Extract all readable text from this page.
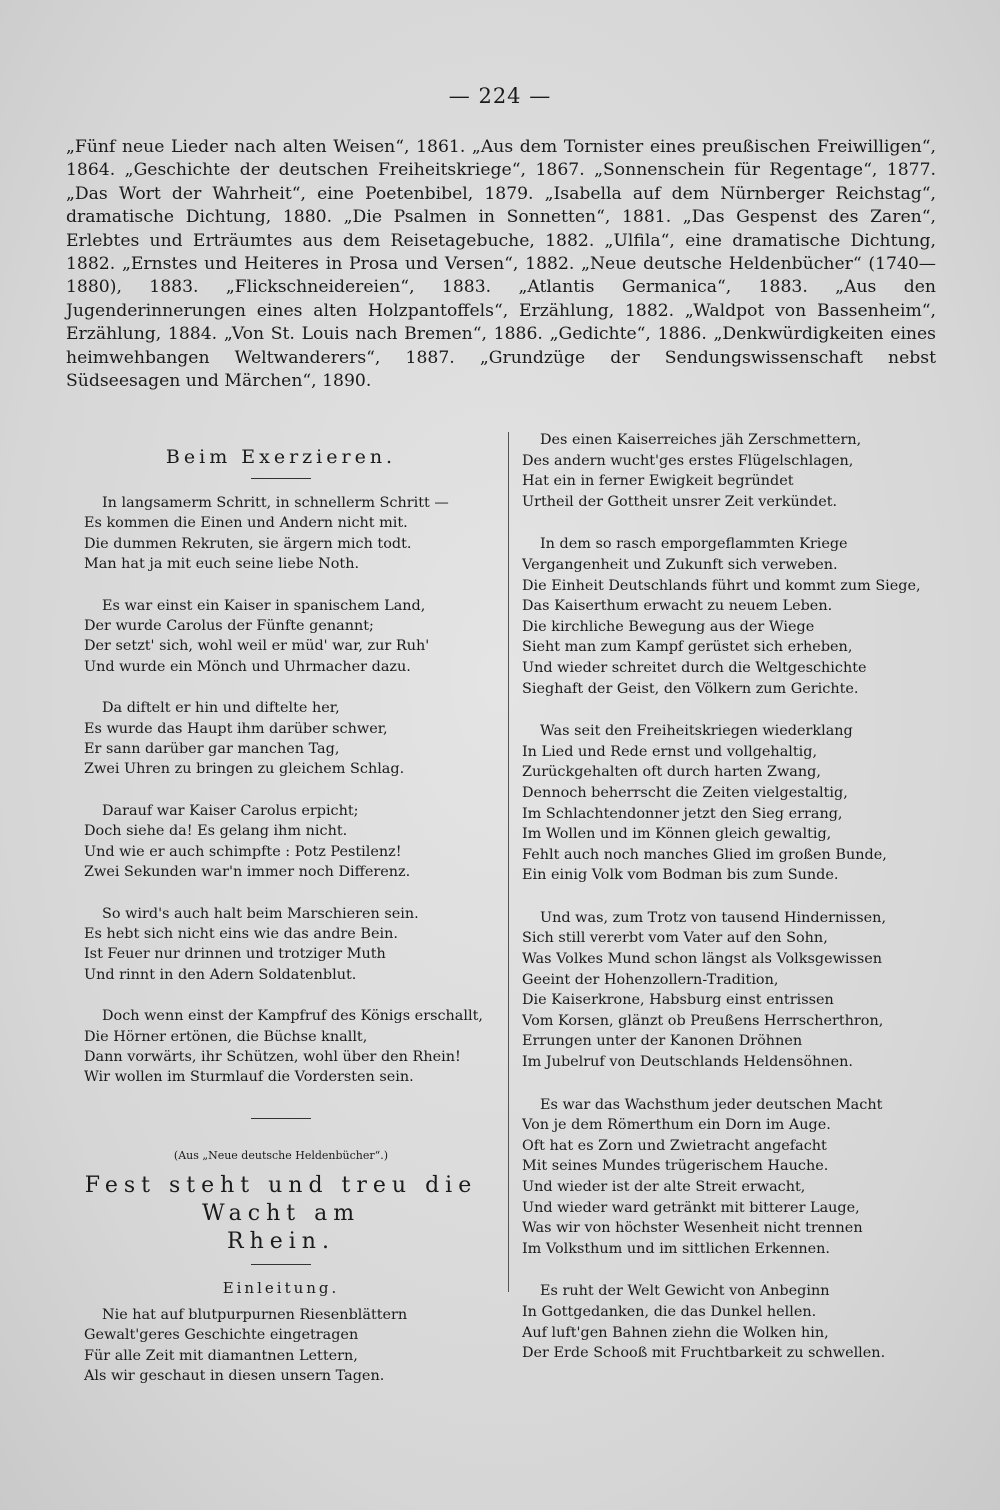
— 224 —

„Fünf neue Lieder nach alten Weisen“, 1861. „Aus dem Tornister eines preußischen Freiwilligen“, 1864. „Geschichte der deutschen Freiheitskriege“, 1867. „Sonnenschein für Regentage“, 1877. „Das Wort der Wahrheit“, eine Poetenbibel, 1879. „Isabella auf dem Nürnberger Reichstag“, dramatische Dichtung, 1880. „Die Psalmen in Sonnetten“, 1881. „Das Gespenst des Zaren“, Erlebtes und Erträumtes aus dem Reisetagebuche, 1882. „Ulfila“, eine dramatische Dichtung, 1882. „Ernstes und Heiteres in Prosa und Versen“, 1882. „Neue deutsche Heldenbücher“ (1740—1880), 1883. „Flickschneidereien“, 1883. „Atlantis Germanica“, 1883. „Aus den Jugenderinnerungen eines alten Holzpantoffels“, Erzählung, 1882. „Waldpot von Bassenheim“, Erzählung, 1884. „Von St. Louis nach Bremen“, 1886. „Gedichte“, 1886. „Denkwürdigkeiten eines heimwehbangen Weltwanderers“, 1887. „Grundzüge der Sendungswissenschaft nebst Südseesagen und Märchen“, 1890.

Beim Exerzieren.
In langsamerm Schritt, in schnellerm Schritt —
Es kommen die Einen und Andern nicht mit.
Die dummen Rekruten, sie ärgern mich todt.
Man hat ja mit euch seine liebe Noth.
Es war einst ein Kaiser in spanischem Land,
Der wurde Carolus der Fünfte genannt;
Der setzt' sich, wohl weil er müd' war, zur Ruh'
Und wurde ein Mönch und Uhrmacher dazu.
Da diftelt er hin und diftelte her,
Es wurde das Haupt ihm darüber schwer,
Er sann darüber gar manchen Tag,
Zwei Uhren zu bringen zu gleichem Schlag.
Darauf war Kaiser Carolus erpicht;
Doch siehe da! Es gelang ihm nicht.
Und wie er auch schimpfte : Potz Pestilenz!
Zwei Sekunden war'n immer noch Differenz.
So wird's auch halt beim Marschieren sein.
Es hebt sich nicht eins wie das andre Bein.
Ist Feuer nur drinnen und trotziger Muth
Und rinnt in den Adern Soldatenblut.
Doch wenn einst der Kampfruf des Königs erschallt,
Die Hörner ertönen, die Büchse knallt,
Dann vorwärts, ihr Schützen, wohl über den Rhein!
Wir wollen im Sturmlauf die Vordersten sein.
(Aus „Neue deutsche Heldenbücher“.)
Fest steht und treu die Wacht am
Rhein.
Einleitung.
Nie hat auf blutpurpurnen Riesenblättern
Gewalt'geres Geschichte eingetragen
Für alle Zeit mit diamantnen Lettern,
Als wir geschaut in diesen unsern Tagen.
Des einen Kaiserreiches jäh Zerschmettern,
Des andern wucht'ges erstes Flügelschlagen,
Hat ein in ferner Ewigkeit begründet
Urtheil der Gottheit unsrer Zeit verkündet.
In dem so rasch emporgeflammten Kriege
Vergangenheit und Zukunft sich verweben.
Die Einheit Deutschlands führt und kommt zum Siege,
Das Kaiserthum erwacht zu neuem Leben.
Die kirchliche Bewegung aus der Wiege
Sieht man zum Kampf gerüstet sich erheben,
Und wieder schreitet durch die Weltgeschichte
Sieghaft der Geist, den Völkern zum Gerichte.
Was seit den Freiheitskriegen wiederklang
In Lied und Rede ernst und vollgehaltig,
Zurückgehalten oft durch harten Zwang,
Dennoch beherrscht die Zeiten vielgestaltig,
Im Schlachtendonner jetzt den Sieg errang,
Im Wollen und im Können gleich gewaltig,
Fehlt auch noch manches Glied im großen Bunde,
Ein einig Volk vom Bodman bis zum Sunde.
Und was, zum Trotz von tausend Hindernissen,
Sich still vererbt vom Vater auf den Sohn,
Was Volkes Mund schon längst als Volksgewissen
Geeint der Hohenzollern-Tradition,
Die Kaiserkrone, Habsburg einst entrissen
Vom Korsen, glänzt ob Preußens Herrscherthron,
Errungen unter der Kanonen Dröhnen
Im Jubelruf von Deutschlands Heldensöhnen.
Es war das Wachsthum jeder deutschen Macht
Von je dem Römerthum ein Dorn im Auge.
Oft hat es Zorn und Zwietracht angefacht
Mit seines Mundes trügerischem Hauche.
Und wieder ist der alte Streit erwacht,
Und wieder ward getränkt mit bitterer Lauge,
Was wir von höchster Wesenheit nicht trennen
Im Volksthum und im sittlichen Erkennen.
Es ruht der Welt Gewicht von Anbeginn
In Gottgedanken, die das Dunkel hellen.
Auf luft'gen Bahnen ziehn die Wolken hin,
Der Erde Schooß mit Fruchtbarkeit zu schwellen.
